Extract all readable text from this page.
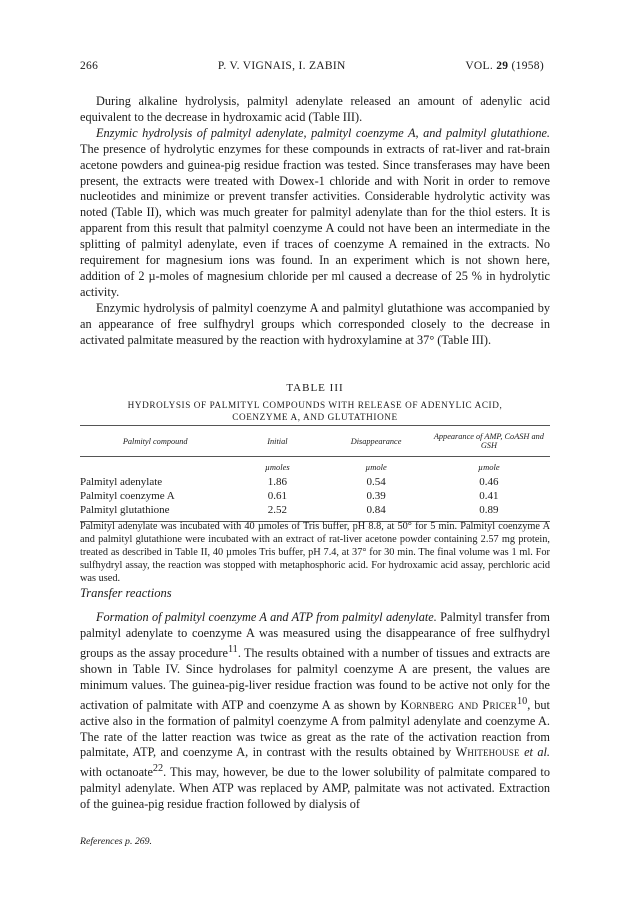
266	P. V. VIGNAIS, I. ZABIN	VOL. 29 (1958)

During alkaline hydrolysis, palmityl adenylate released an amount of adenylic acid equivalent to the decrease in hydroxamic acid (Table III).

Enzymic hydrolysis of palmityl adenylate, palmityl coenzyme A, and palmityl glutathione. The presence of hydrolytic enzymes for these compounds in extracts of rat-liver and rat-brain acetone powders and guinea-pig residue fraction was tested. Since transferases may have been present, the extracts were treated with Dowex-1 chloride and with Norit in order to remove nucleotides and minimize or prevent transfer activities. Considerable hydrolytic activity was noted (Table II), which was much greater for palmityl adenylate than for the thiol esters. It is apparent from this result that palmityl coenzyme A could not have been an intermediate in the splitting of palmityl adenylate, even if traces of coenzyme A remained in the extracts. No requirement for magnesium ions was found. In an experiment which is not shown here, addition of 2 µ-moles of magnesium chloride per ml caused a decrease of 25 % in hydrolytic activity.

Enzymic hydrolysis of palmityl coenzyme A and palmityl glutathione was accompanied by an appearance of free sulfhydryl groups which corresponded closely to the decrease in activated palmitate measured by the reaction with hydroxylamine at 37° (Table III).

TABLE III
HYDROLYSIS OF PALMITYL COMPOUNDS WITH RELEASE OF ADENYLIC ACID,
COENZYME A, AND GLUTATHIONE
Palmityl compound	Initial	Disappearance	Appearance of AMP, CoASH and GSH
	µmoles	µmole	µmole
Palmityl adenylate	1.86	0.54	0.46
Palmityl coenzyme A	0.61	0.39	0.41
Palmityl glutathione	2.52	0.84	0.89

Palmityl adenylate was incubated with 40 µmoles of Tris buffer, pH 8.8, at 50° for 5 min. Palmityl coenzyme A and palmityl glutathione were incubated with an extract of rat-liver acetone powder containing 2.57 mg protein, treated as described in Table II, 40 µmoles Tris buffer, pH 7.4, at 37° for 30 min. The final volume was 1 ml. For sulfhydryl assay, the reaction was stopped with metaphosphoric acid. For hydroxamic acid assay, perchloric acid was used.

Transfer reactions

Formation of palmityl coenzyme A and ATP from palmityl adenylate. Palmityl transfer from palmityl adenylate to coenzyme A was measured using the disappearance of free sulfhydryl groups as the assay procedure$^{11}$. The results obtained with a number of tissues and extracts are shown in Table IV. Since hydrolases for palmityl coenzyme A are present, the values are minimum values. The guinea-pig-liver residue fraction was found to be active not only for the activation of palmitate with ATP and coenzyme A as shown by Kornberg and Pricer$^{10}$, but active also in the formation of palmityl coenzyme A from palmityl adenylate and coenzyme A. The rate of the latter reaction was twice as great as the rate of the activation reaction from palmitate, ATP, and coenzyme A, in contrast with the results obtained by Whitehouse et al. with octanoate$^{22}$. This may, however, be due to the lower solubility of palmitate compared to palmityl adenylate. When ATP was replaced by AMP, palmitate was not activated. Extraction of the guinea-pig residue fraction followed by dialysis of

References p. 269.
